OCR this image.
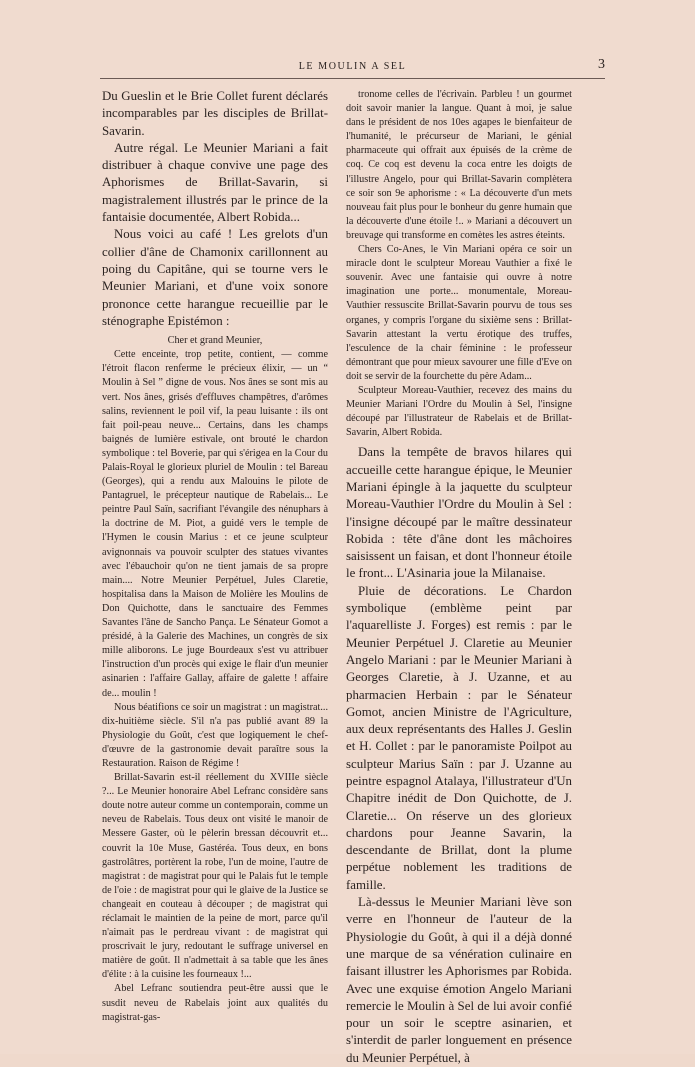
LE MOULIN A SEL	3

Du Gueslin et le Brie Collet furent déclarés incomparables par les disciples de Brillat-Savarin.

Autre régal. Le Meunier Mariani a fait distribuer à chaque convive une page des Aphorismes de Brillat-Savarin, si magistralement illustrés par le prince de la fantaisie documentée, Albert Robida...

Nous voici au café ! Les grelots d'un collier d'âne de Chamonix carillonnent au poing du Capitâne, qui se tourne vers le Meunier Mariani, et d'une voix sonore prononce cette harangue recueillie par le sténographe Epistémon :

Cher et grand Meunier,

Cette enceinte, trop petite, contient, — comme l'étroit flacon renferme le précieux élixir, — un “ Moulin à Sel ” digne de vous. Nos ânes se sont mis au vert. Nos ânes, grisés d'effluves champêtres, d'arômes salins, reviennent le poil vif, la peau luisante : ils ont fait poil-peau neuve... Certains, dans les champs baignés de lumière estivale, ont brouté le chardon symbolique : tel Boverie, par qui s'érigea en la Cour du Palais-Royal le glorieux pluriel de Moulin : tel Bareau (Georges), qui a rendu aux Malouins le pilote de Pantagruel, le précepteur nautique de Rabelais... Le peintre Paul Saïn, sacrifiant l'évangile des nénuphars à la doctrine de M. Piot, a guidé vers le temple de l'Hymen le cousin Marius : et ce jeune sculpteur avignonnais va pouvoir sculpter des statues vivantes avec l'ébauchoir qu'on ne tient jamais de sa propre main.... Notre Meunier Perpétuel, Jules Claretie, hospitalisa dans la Maison de Molière les Moulins de Don Quichotte, dans le sanctuaire des Femmes Savantes l'âne de Sancho Pança. Le Sénateur Gomot a présidé, à la Galerie des Machines, un congrès de six mille aliborons. Le juge Bourdeaux s'est vu attribuer l'instruction d'un procès qui exige le flair d'un meunier asinarien : l'affaire Gallay, affaire de galette ! affaire de... moulin !

Nous béatifions ce soir un magistrat : un magistrat... dix-huitième siècle. S'il n'a pas publié avant 89 la Physiologie du Goût, c'est que logiquement le chef-d'œuvre de la gastronomie devait paraître sous la Restauration. Raison de Régime !

Brillat-Savarin est-il réellement du XVIIIe siècle ?... Le Meunier honoraire Abel Lefranc considère sans doute notre auteur comme un contemporain, comme un neveu de Rabelais. Tous deux ont visité le manoir de Messere Gaster, où le pèlerin bressan découvrit et... couvrit la 10e Muse, Gastéréa. Tous deux, en bons gastrolâtres, portèrent la robe, l'un de moine, l'autre de magistrat : de magistrat pour qui le Palais fut le temple de l'oie : de magistrat pour qui le glaive de la Justice se changeait en couteau à découper ; de magistrat qui réclamait le maintien de la peine de mort, parce qu'il n'aimait pas le perdreau vivant : de magistrat qui proscrivait le jury, redoutant le suffrage universel en matière de goût. Il n'admettait à sa table que les ânes d'élite : à la cuisine les fourneaux !...

Abel Lefranc soutiendra peut-être aussi que le susdit neveu de Rabelais joint aux qualités du magistrat-gas-

tronome celles de l'écrivain. Parbleu ! un gourmet doit savoir manier la langue. Quant à moi, je salue dans le président de nos 10es agapes le bienfaiteur de l'humanité, le précurseur de Mariani, le génial pharmaceute qui offrait aux épuisés de la crème de coq. Ce coq est devenu la coca entre les doigts de l'illustre Angelo, pour qui Brillat-Savarin complètera ce soir son 9e aphorisme : « La découverte d'un mets nouveau fait plus pour le bonheur du genre humain que la découverte d'une étoile !.. » Mariani a découvert un breuvage qui transforme en comètes les astres éteints.

Chers Co-Anes, le Vin Mariani opéra ce soir un miracle dont le sculpteur Moreau Vauthier a fixé le souvenir. Avec une fantaisie qui ouvre à notre imagination une porte... monumentale, Moreau-Vauthier ressuscite Brillat-Savarin pourvu de tous ses organes, y compris l'organe du sixième sens : Brillat-Savarin attestant la vertu érotique des truffes, l'esculence de la chair féminine : le professeur démontrant que pour mieux savourer une fille d'Eve on doit se servir de la fourchette du père Adam...

Sculpteur Moreau-Vauthier, recevez des mains du Meunier Mariani l'Ordre du Moulin à Sel, l'insigne découpé par l'illustrateur de Rabelais et de Brillat-Savarin, Albert Robida.

Dans la tempête de bravos hilares qui accueille cette harangue épique, le Meunier Mariani épingle à la jaquette du sculpteur Moreau-Vauthier l'Ordre du Moulin à Sel : l'insigne découpé par le maître dessinateur Robida : tête d'âne dont les mâchoires saisissent un faisan, et dont l'honneur étoile le front... L'Asinaria joue la Milanaise.

Pluie de décorations. Le Chardon symbolique (emblème peint par l'aquarelliste J. Forges) est remis : par le Meunier Perpétuel J. Claretie au Meunier Angelo Mariani : par le Meunier Mariani à Georges Claretie, à J. Uzanne, et au pharmacien Herbain : par le Sénateur Gomot, ancien Ministre de l'Agriculture, aux deux représentants des Halles J. Geslin et H. Collet : par le panoramiste Poilpot au sculpteur Marius Saïn : par J. Uzanne au peintre espagnol Atalaya, l'illustrateur d'Un Chapitre inédit de Don Quichotte, de J. Claretie... On réserve un des glorieux chardons pour Jeanne Savarin, la descendante de Brillat, dont la plume perpétue noblement les traditions de famille.

Là-dessus le Meunier Mariani lève son verre en l'honneur de l'auteur de la Physiologie du Goût, à qui il a déjà donné une marque de sa vénération culinaire en faisant illustrer les Aphorismes par Robida. Avec une exquise émotion Angelo Mariani remercie le Moulin à Sel de lui avoir confié pour un soir le sceptre asinarien, et s'interdit de parler longuement en présence du Meunier Perpétuel, à
